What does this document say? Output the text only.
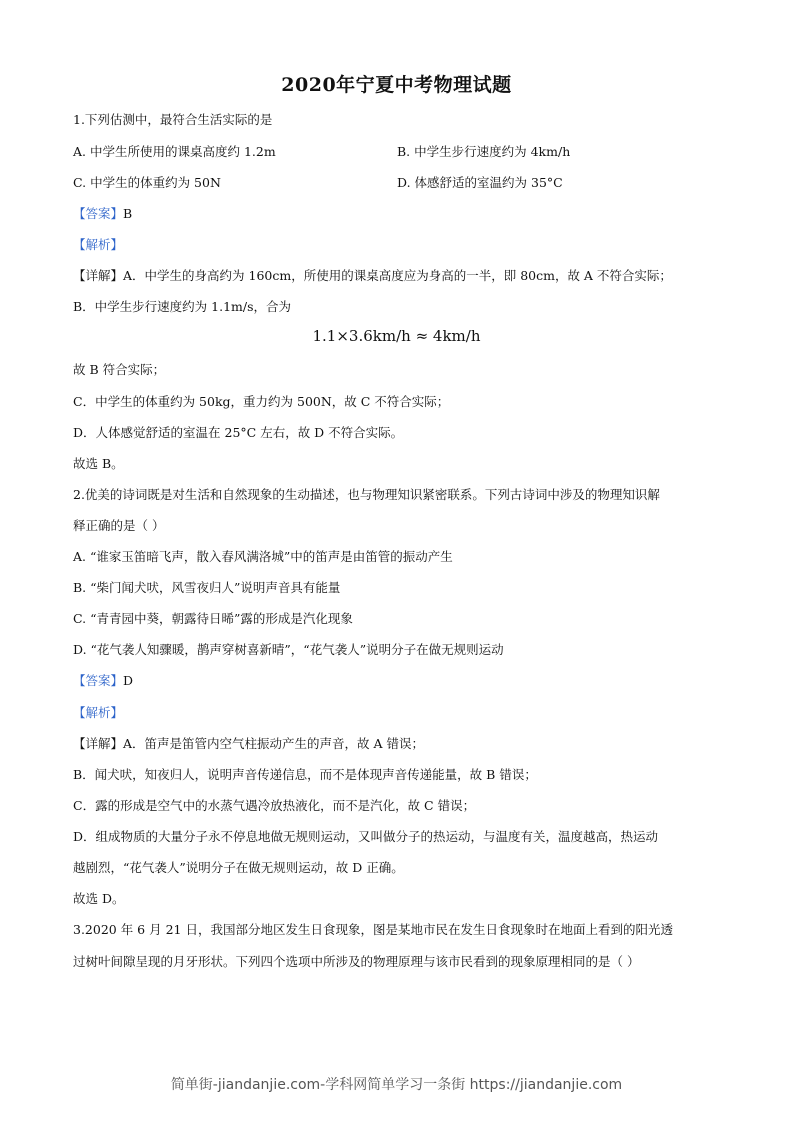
2020年宁夏中考物理试题
1.下列估测中，最符合生活实际的是
A. 中学生所使用的课桌高度约 1.2m	B. 中学生步行速度约为 4km/h
C. 中学生的体重约为 50N	D. 体感舒适的室温约为 35°C
【答案】B
【解析】
【详解】A．中学生的身高约为 160cm，所使用的课桌高度应为身高的一半，即 80cm，故 A 不符合实际；
B．中学生步行速度约为 1.1m/s，合为
1.1×3.6km/h ≈ 4km/h
故 B 符合实际；
C．中学生的体重约为 50kg，重力约为 500N，故 C 不符合实际；
D．人体感觉舒适的室温在 25°C 左右，故 D 不符合实际。
故选 B。
2.优美的诗词既是对生活和自然现象的生动描述，也与物理知识紧密联系。下列古诗词中涉及的物理知识解
释正确的是（ ）
A. “谁家玉笛暗飞声，散入春风满洛城”中的笛声是由笛管的振动产生
B. “柴门闻犬吠，风雪夜归人”说明声音具有能量
C. “青青园中葵，朝露待日晞”露的形成是汽化现象
D. “花气袭人知骤暖，鹊声穿树喜新晴”，“花气袭人”说明分子在做无规则运动
【答案】D
【解析】
【详解】A．笛声是笛管内空气柱振动产生的声音，故 A 错误；
B．闻犬吠，知夜归人，说明声音传递信息，而不是体现声音传递能量，故 B 错误；
C．露的形成是空气中的水蒸气遇冷放热液化，而不是汽化，故 C 错误；
D．组成物质的大量分子永不停息地做无规则运动，又叫做分子的热运动，与温度有关，温度越高，热运动
越剧烈，“花气袭人”说明分子在做无规则运动，故 D 正确。
故选 D。
3.2020 年 6 月 21 日，我国部分地区发生日食现象，图是某地市民在发生日食现象时在地面上看到的阳光透
过树叶间隙呈现的月牙形状。下列四个选项中所涉及的物理原理与该市民看到的现象原理相同的是（ ）
简单街-jiandanjie.com-学科网简单学习一条街 https://jiandanjie.com
